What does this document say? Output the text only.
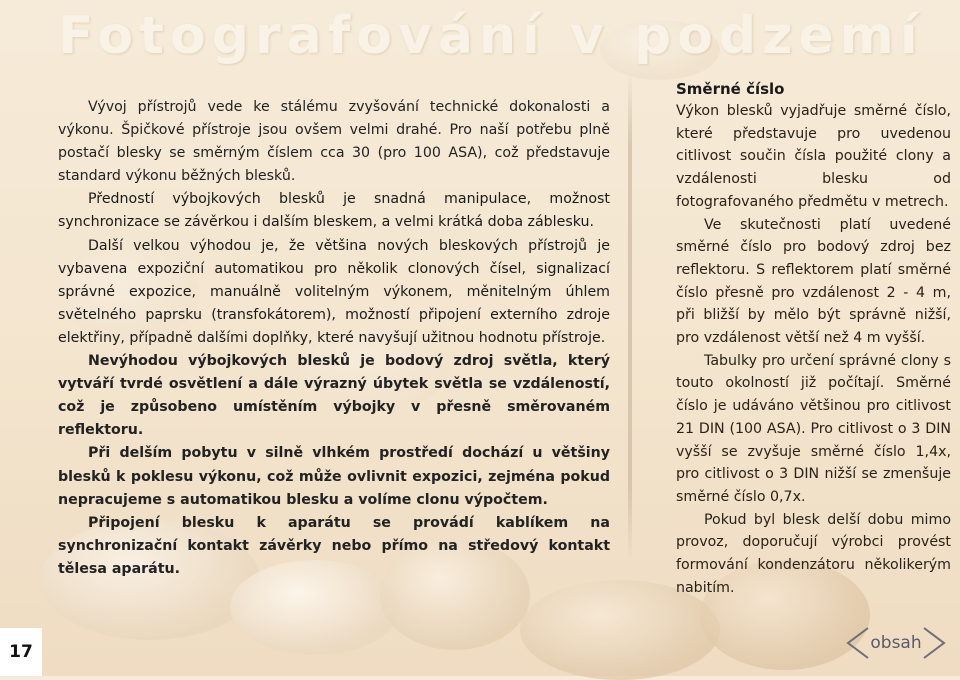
Fotografování v podzemí

Vývoj přístrojů vede ke stálému zvyšování technické dokonalosti a výkonu. Špičkové přístroje jsou ovšem velmi drahé. Pro naší potřebu plně postačí blesky se směrným číslem cca 30 (pro 100 ASA), což představuje standard výkonu běžných blesků.

Předností výbojkových blesků je snadná manipulace, možnost synchronizace se závěrkou i dalším bleskem, a velmi krátká doba záblesku.

Další velkou výhodou je, že většina nových bleskových přístrojů je vybavena expoziční automatikou pro několik clonových čísel, signalizací správné expozice, manuálně volitelným výkonem, měnitelným úhlem světelného paprsku (transfokátorem), možností připojení externího zdroje elektřiny, případně dalšími doplňky, které navyšují užitnou hodnotu přístroje.

Nevýhodou výbojkových blesků je bodový zdroj světla, který vytváří tvrdé osvětlení a dále výrazný úbytek světla se vzdáleností, což je způsobeno umístěním výbojky v přesně směrovaném reflektoru.

Při delším pobytu v silně vlhkém prostředí dochází u většiny blesků k poklesu výkonu, což může ovlivnit expozici, zejména pokud nepracujeme s automatikou blesku a volíme clonu výpočtem.

Připojení blesku k aparátu se provádí kablíkem na synchronizační kontakt závěrky nebo přímo na středový kontakt tělesa aparátu.

Směrné číslo

Výkon blesků vyjadřuje směrné číslo, které představuje pro uvedenou citlivost součin čísla použité clony a vzdálenosti blesku od fotografovaného předmětu v metrech.

Ve skutečnosti platí uvedené směrné číslo pro bodový zdroj bez reflektoru. S reflektorem platí směrné číslo přesně pro vzdálenost 2 - 4 m, při bližší by mělo být správně nižší, pro vzdálenost větší než 4 m vyšší.

Tabulky pro určení správné clony s touto okolností již počítají. Směrné číslo je udáváno většinou pro citlivost 21 DIN (100 ASA). Pro citlivost o 3 DIN vyšší se zvyšuje směrné číslo 1,4x, pro citlivost o 3 DIN nižší se zmenšuje směrné číslo 0,7x.

Pokud byl blesk delší dobu mimo provoz, doporučují výrobci provést formování kondenzátoru několikerým nabitím.

17	obsah
